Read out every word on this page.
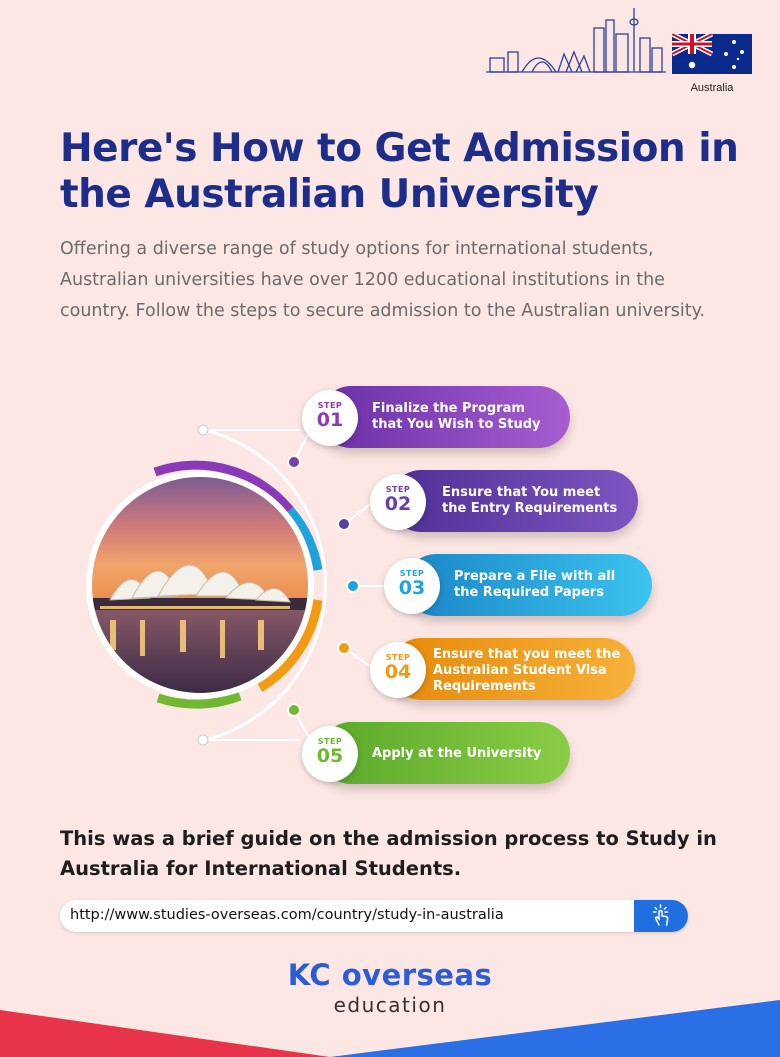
Australia
Here's How to Get Admission in the Australian University

Offering a diverse range of study options for international students, Australian universities have over 1200 educational institutions in the country. Follow the steps to secure admission to the Australian university.

Finalize the Program
that You Wish to Study
STEP
01
Ensure that You meet
the Entry Requirements
STEP
02
Prepare a File with all
the Required Papers
STEP
03
Ensure that you meet the
Australian Student Visa
Requirements
STEP
04
Apply at the University
STEP
05

This was a brief guide on the admission process to Study in Australia for International Students.

http://www.studies-overseas.com/country/study-in-australia
KC overseas
education
